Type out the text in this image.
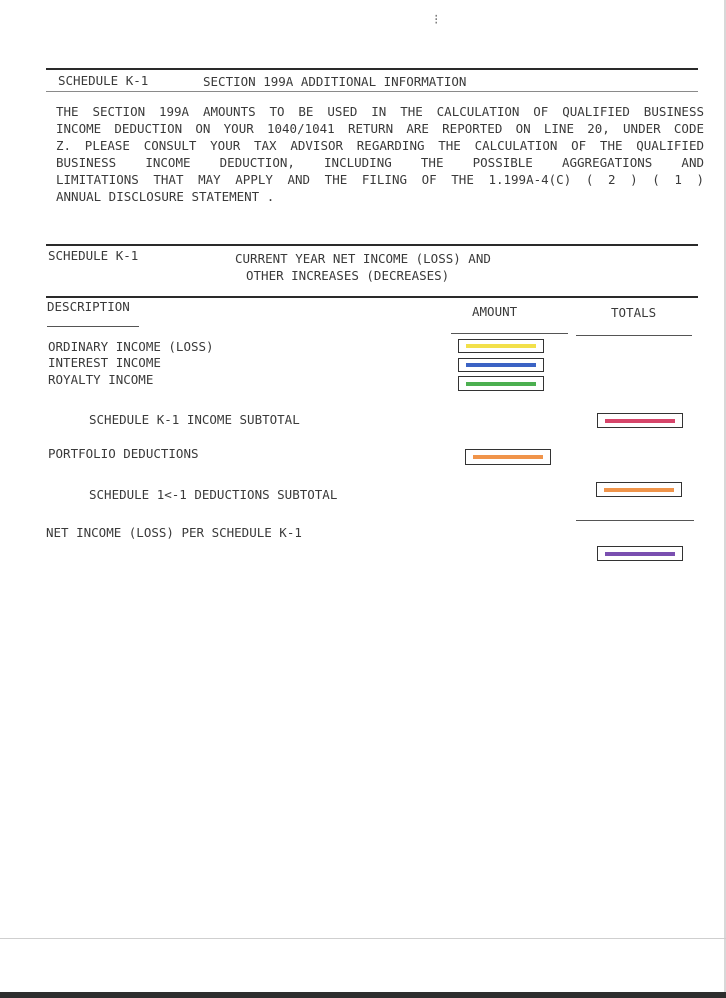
⁝
SCHEDULE K-1	SECTION 199A ADDITIONAL INFORMATION
THE SECTION 199A AMOUNTS TO BE USED IN THE CALCULATION OF QUALIFIED BUSINESS
INCOME DEDUCTION ON YOUR 1040/1041 RETURN ARE REPORTED ON LINE 20, UNDER CODE
Z. PLEASE CONSULT YOUR TAX ADVISOR REGARDING THE CALCULATION OF THE QUALIFIED
BUSINESS INCOME DEDUCTION, INCLUDING THE POSSIBLE AGGREGATIONS AND
LIMITATIONS THAT MAY APPLY AND THE FILING OF THE 1.199A-4(C) ( 2 ) ( 1 )
ANNUAL DISCLOSURE STATEMENT .
SCHEDULE K-1	CURRENT YEAR NET INCOME (LOSS) AND
OTHER INCREASES (DECREASES)
DESCRIPTION	AMOUNT	TOTALS
ORDINARY INCOME (LOSS)
INTEREST INCOME
ROYALTY INCOME
SCHEDULE K-1 INCOME SUBTOTAL
PORTFOLIO DEDUCTIONS
SCHEDULE 1<-1 DEDUCTIONS SUBTOTAL
NET INCOME (LOSS) PER SCHEDULE K-1
